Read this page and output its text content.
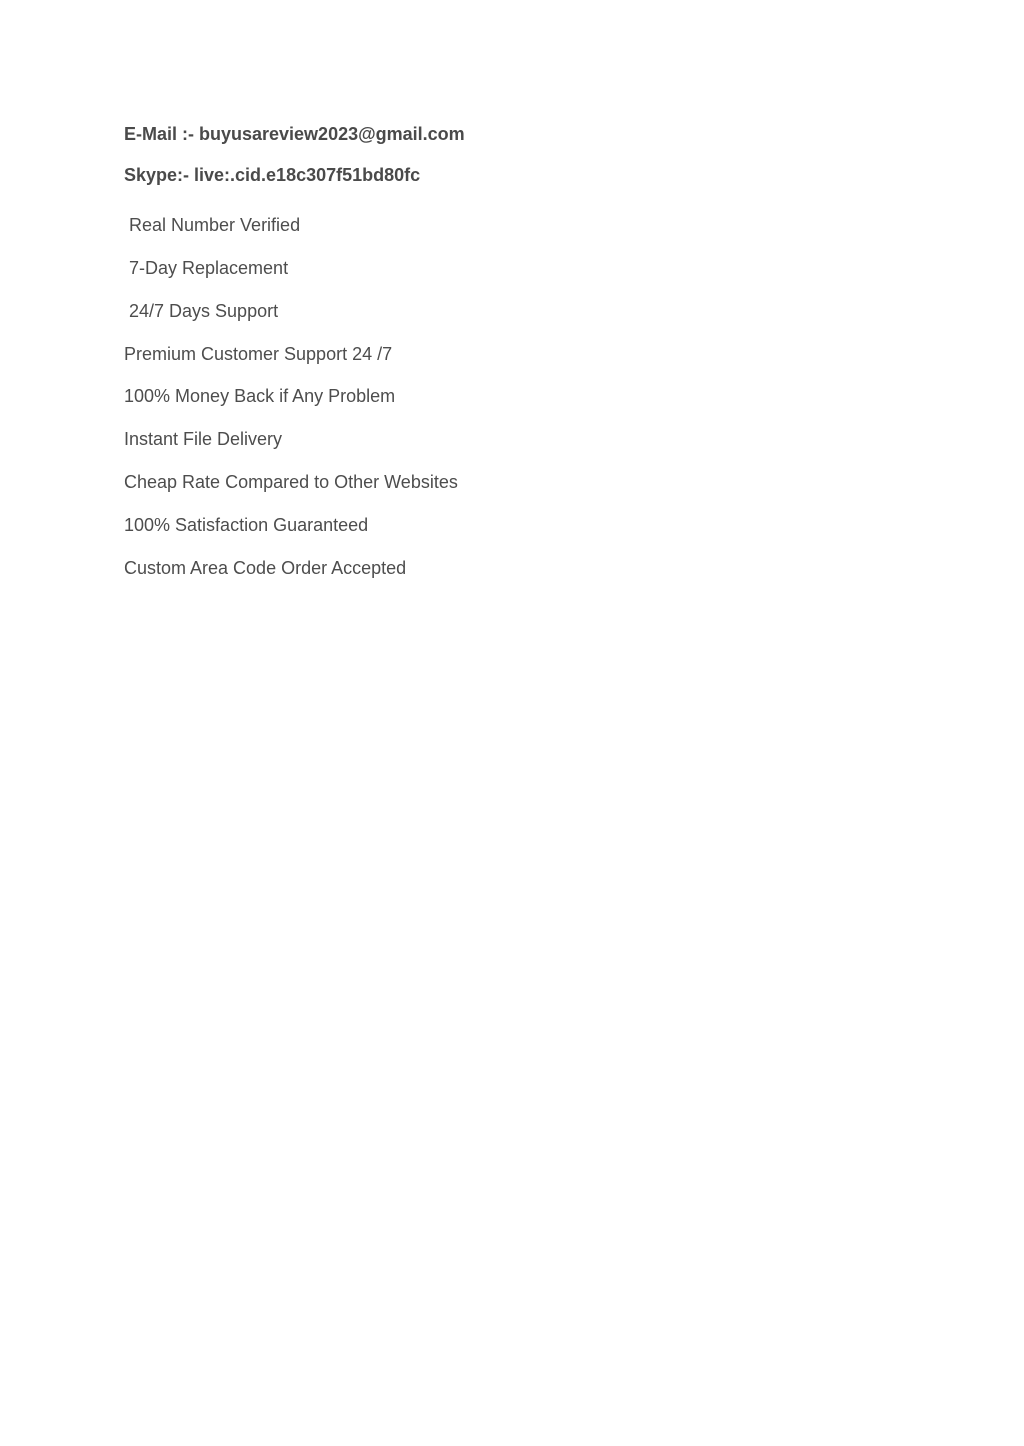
E-Mail :- buyusareview2023@gmail.com
Skype:- live:.cid.e18c307f51bd80fc
Real Number Verified
7-Day Replacement
24/7 Days Support
Premium Customer Support 24 /7
100% Money Back if Any Problem
Instant File Delivery
Cheap Rate Compared to Other Websites
100% Satisfaction Guaranteed
Custom Area Code Order Accepted
